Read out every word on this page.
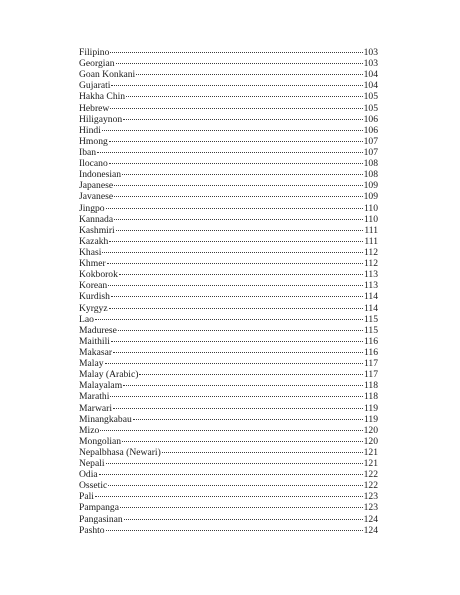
Filipino	103
Georgian	103
Goan Konkani	104
Gujarati	104
Hakha Chin	105
Hebrew	105
Hiligaynon	106
Hindi	106
Hmong	107
Iban	107
Ilocano	108
Indonesian	108
Japanese	109
Javanese	109
Jingpo	110
Kannada	110
Kashmiri	111
Kazakh	111
Khasi	112
Khmer	112
Kokborok	113
Korean	113
Kurdish	114
Kyrgyz	114
Lao	115
Madurese	115
Maithili	116
Makasar	116
Malay	117
Malay (Arabic)	117
Malayalam	118
Marathi	118
Marwari	119
Minangkabau	119
Mizo	120
Mongolian	120
Nepalbhasa (Newari)	121
Nepali	121
Odia	122
Ossetic	122
Pali	123
Pampanga	123
Pangasinan	124
Pashto	124
